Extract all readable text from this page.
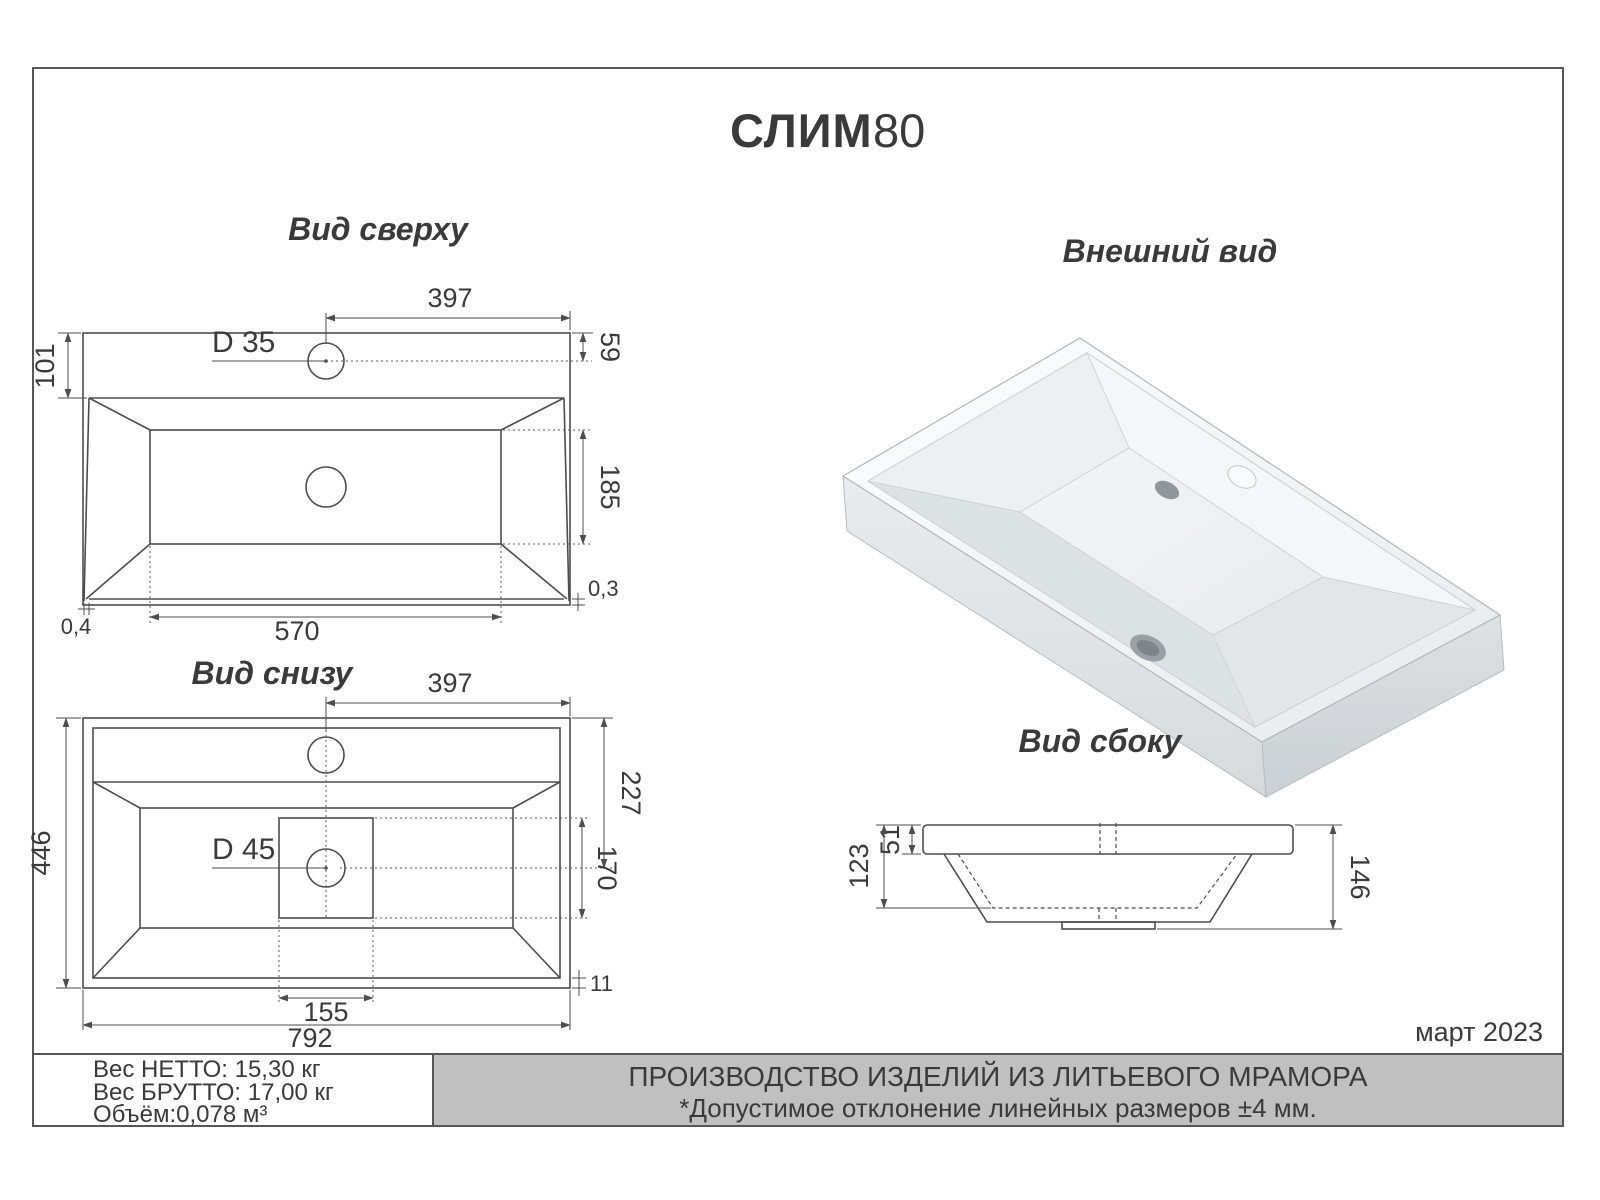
СЛИМ 80
Вид сверху
D 35
397
59
101
185
570
0,4
0,3
Вид снизу
D 45
397
446
227
170
11
155
792
Внешний вид
Вид сбоку
51
123	146
март 2023
Вес НЕТТО: 15,30 кг
Вес БРУТТО: 17,00 кг
Объём:0,078 м³
ПРОИЗВОДСТВО ИЗДЕЛИЙ ИЗ ЛИТЬЕВОГО МРАМОРА
*Допустимое отклонение линейных размеров ±4 мм.
